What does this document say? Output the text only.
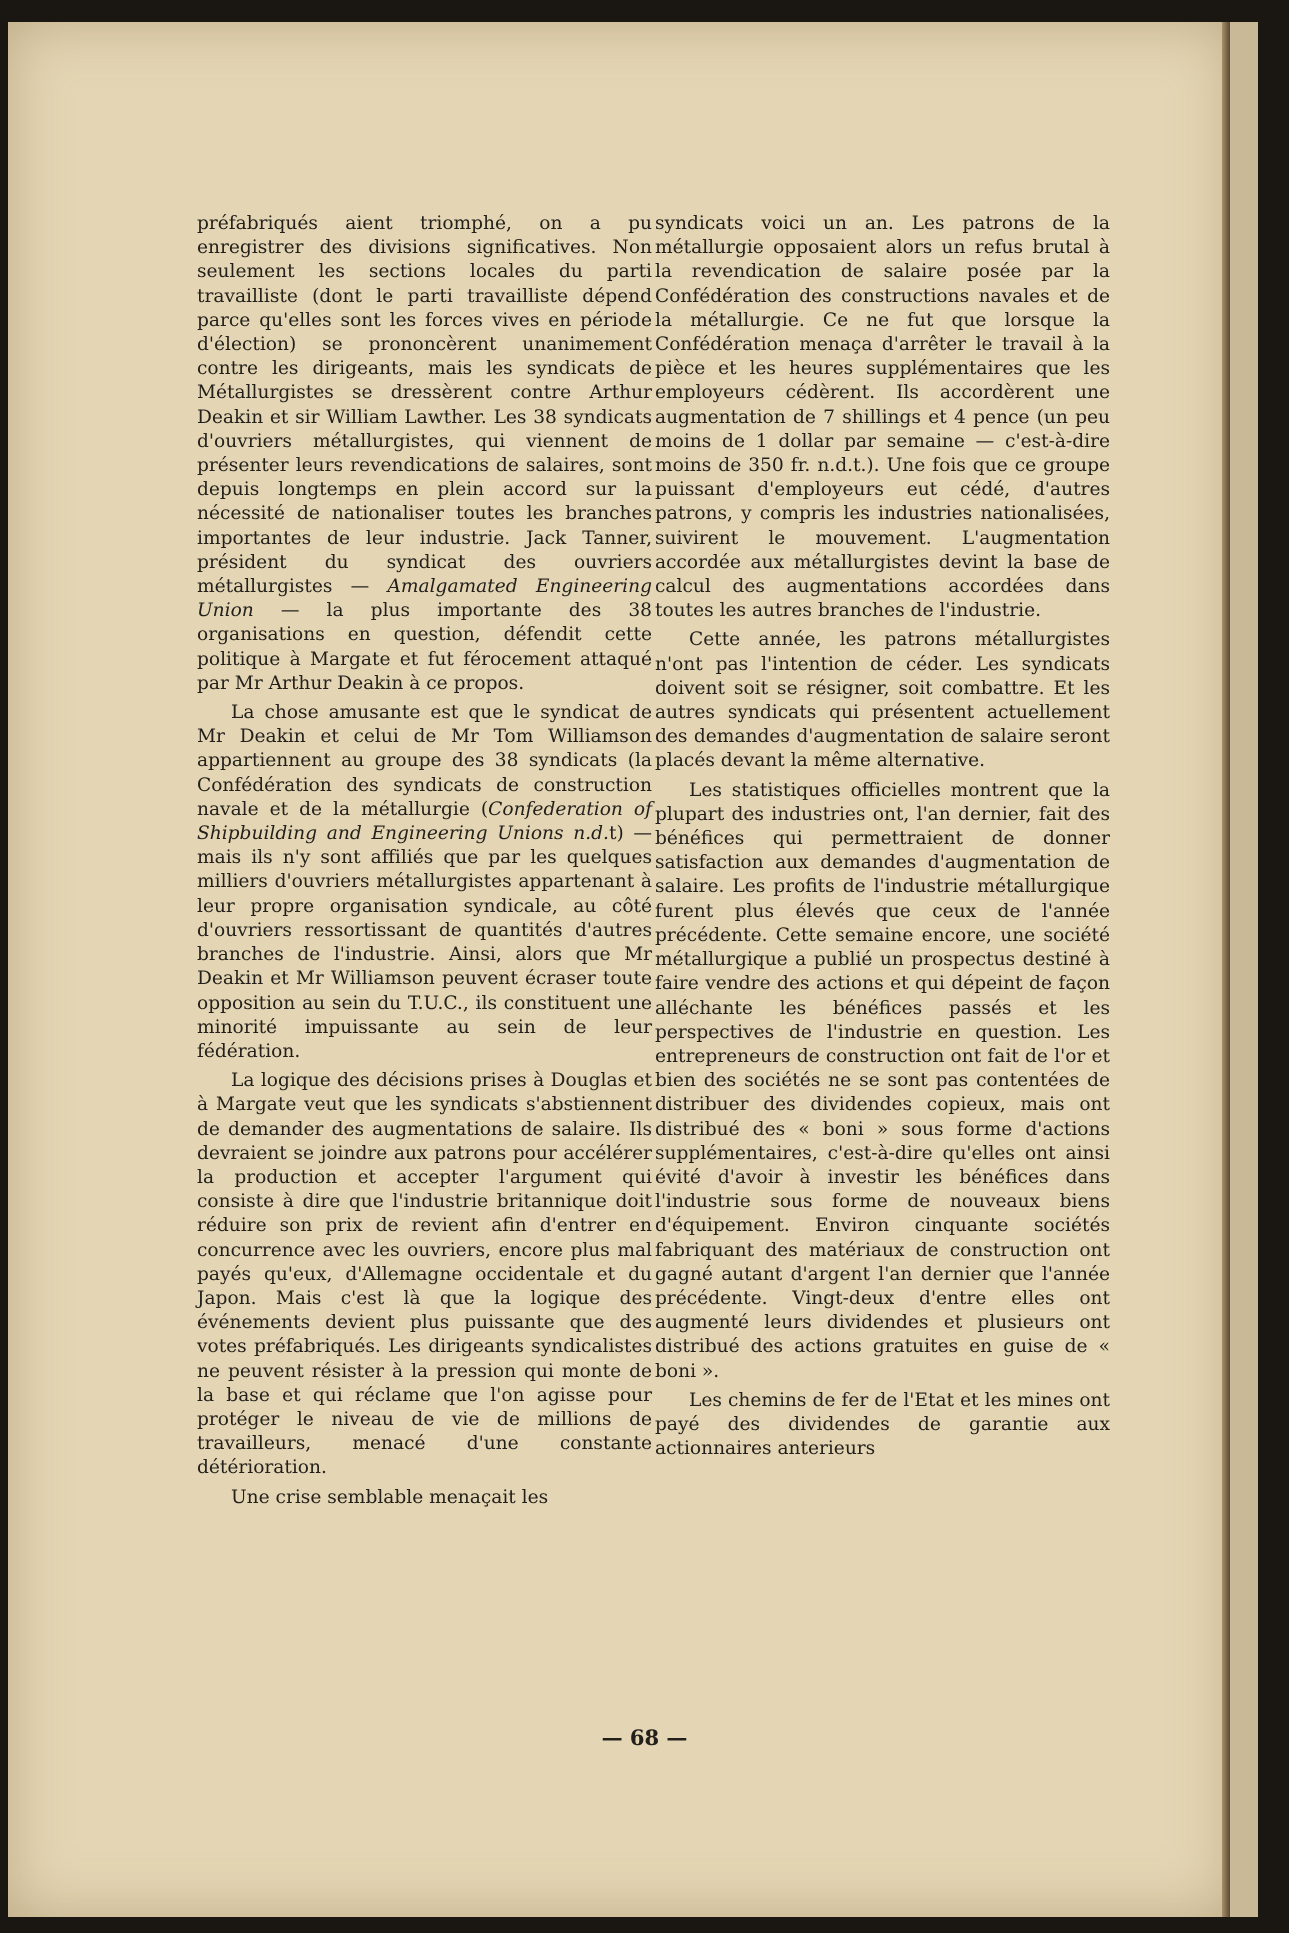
préfabriqués aient triomphé, on a pu enregistrer des divisions significatives. Non seulement les sections locales du parti travailliste (dont le parti travailliste dépend parce qu'elles sont les forces vives en période d'élection) se prononcèrent unanimement contre les dirigeants, mais les syndicats de Métallurgistes se dressèrent contre Arthur Deakin et sir William Lawther. Les 38 syndicats d'ouvriers métallurgistes, qui viennent de présenter leurs revendications de salaires, sont depuis longtemps en plein accord sur la nécessité de nationaliser toutes les branches importantes de leur industrie. Jack Tanner, président du syndicat des ouvriers métallurgistes — Amalgamated Engineering Union — la plus importante des 38 organisations en question, défendit cette politique à Margate et fut férocement attaqué par Mr Arthur Deakin à ce propos.

La chose amusante est que le syndicat de Mr Deakin et celui de Mr Tom Williamson appartiennent au groupe des 38 syndicats (la Confédération des syndicats de construction navale et de la métallurgie (Confederation of Shipbuilding and Engineering Unions n.d.t) — mais ils n'y sont affiliés que par les quelques milliers d'ouvriers métallurgistes appartenant à leur propre organisation syndicale, au côté d'ouvriers ressortissant de quantités d'autres branches de l'industrie. Ainsi, alors que Mr Deakin et Mr Williamson peuvent écraser toute opposition au sein du T.U.C., ils constituent une minorité impuissante au sein de leur fédération.

La logique des décisions prises à Douglas et à Margate veut que les syndicats s'abstiennent de demander des augmentations de salaire. Ils devraient se joindre aux patrons pour accélérer la production et accepter l'argument qui consiste à dire que l'industrie britannique doit réduire son prix de revient afin d'entrer en concurrence avec les ouvriers, encore plus mal payés qu'eux, d'Allemagne occidentale et du Japon. Mais c'est là que la logique des événements devient plus puissante que des votes préfabriqués. Les dirigeants syndicalistes ne peuvent résister à la pression qui monte de la base et qui réclame que l'on agisse pour protéger le niveau de vie de millions de travailleurs, menacé d'une constante détérioration.

Une crise semblable menaçait les

syndicats voici un an. Les patrons de la métallurgie opposaient alors un refus brutal à la revendication de salaire posée par la Confédération des constructions navales et de la métallurgie. Ce ne fut que lorsque la Confédération menaça d'arrêter le travail à la pièce et les heures supplémentaires que les employeurs cédèrent. Ils accordèrent une augmentation de 7 shillings et 4 pence (un peu moins de 1 dollar par semaine — c'est-à-dire moins de 350 fr. n.d.t.). Une fois que ce groupe puissant d'employeurs eut cédé, d'autres patrons, y compris les industries nationalisées, suivirent le mouvement. L'augmentation accordée aux métallurgistes devint la base de calcul des augmentations accordées dans toutes les autres branches de l'industrie.

Cette année, les patrons métallurgistes n'ont pas l'intention de céder. Les syndicats doivent soit se résigner, soit combattre. Et les autres syndicats qui présentent actuellement des demandes d'augmentation de salaire seront placés devant la même alternative.

Les statistiques officielles montrent que la plupart des industries ont, l'an dernier, fait des bénéfices qui permettraient de donner satisfaction aux demandes d'augmentation de salaire. Les profits de l'industrie métallurgique furent plus élevés que ceux de l'année précédente. Cette semaine encore, une société métallurgique a publié un prospectus destiné à faire vendre des actions et qui dépeint de façon alléchante les bénéfices passés et les perspectives de l'industrie en question. Les entrepreneurs de construction ont fait de l'or et bien des sociétés ne se sont pas contentées de distribuer des dividendes copieux, mais ont distribué des « boni » sous forme d'actions supplémentaires, c'est-à-dire qu'elles ont ainsi évité d'avoir à investir les bénéfices dans l'industrie sous forme de nouveaux biens d'équipement. Environ cinquante sociétés fabriquant des matériaux de construction ont gagné autant d'argent l'an dernier que l'année précédente. Vingt-deux d'entre elles ont augmenté leurs dividendes et plusieurs ont distribué des actions gratuites en guise de « boni ».

Les chemins de fer de l'Etat et les mines ont payé des dividendes de garantie aux actionnaires anterieurs

— 68 —
